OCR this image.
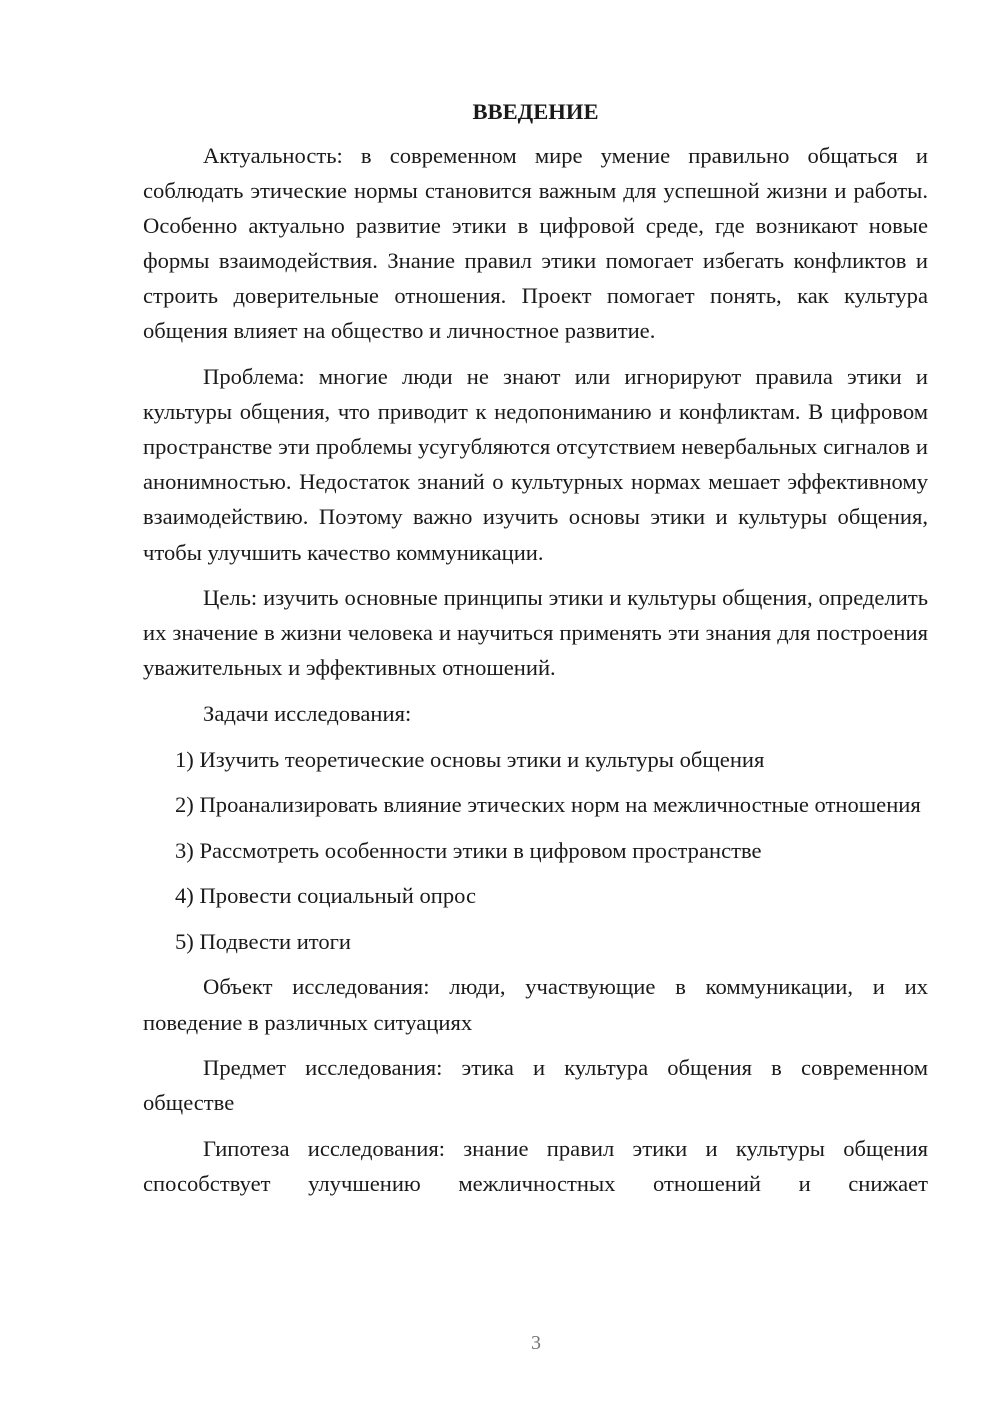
ВВЕДЕНИЕ

Актуальность: в современном мире умение правильно общаться и соблюдать этические нормы становится важным для успешной жизни и работы. Особенно актуально развитие этики в цифровой среде, где возникают новые формы взаимодействия. Знание правил этики помогает избегать конфликтов и строить доверительные отношения. Проект помогает понять, как культура общения влияет на общество и личностное развитие.

Проблема: многие люди не знают или игнорируют правила этики и культуры общения, что приводит к недопониманию и конфликтам. В цифровом пространстве эти проблемы усугубляются отсутствием невербальных сигналов и анонимностью. Недостаток знаний о культурных нормах мешает эффективному взаимодействию. Поэтому важно изучить основы этики и культуры общения, чтобы улучшить качество коммуникации.

Цель: изучить основные принципы этики и культуры общения, определить их значение в жизни человека и научиться применять эти знания для построения уважительных и эффективных отношений.

Задачи исследования:

1) Изучить теоретические основы этики и культуры общения

2) Проанализировать влияние этических норм на межличностные отношения

3) Рассмотреть особенности этики в цифровом пространстве

4) Провести социальный опрос

5) Подвести итоги

Объект исследования: люди, участвующие в коммуникации, и их поведение в различных ситуациях

Предмет исследования: этика и культура общения в современном обществе

Гипотеза исследования: знание правил этики и культуры общения способствует улучшению межличностных отношений и снижает

3
